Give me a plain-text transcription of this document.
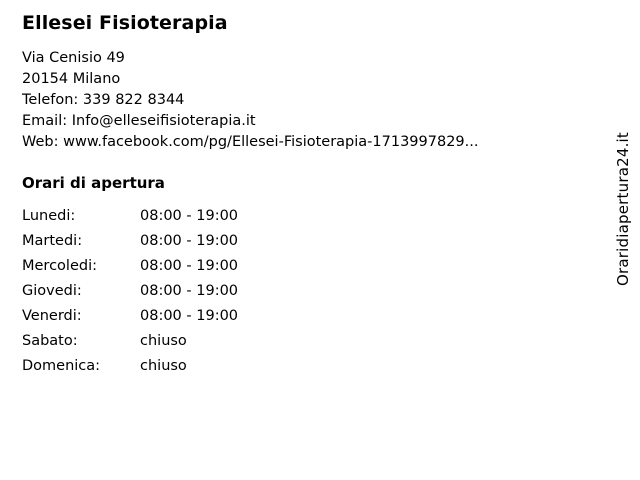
Ellesei Fisioterapia
Via Cenisio 49
20154 Milano
Telefon: 339 822 8344
Email: Info@elleseifisioterapia.it
Web: www.facebook.com/pg/Ellesei-Fisioterapia-1713997829...
Orari di apertura
Lunedi:	08:00 - 19:00
Martedi:	08:00 - 19:00
Mercoledi:	08:00 - 19:00
Giovedi:	08:00 - 19:00
Venerdi:	08:00 - 19:00
Sabato:	chiuso
Domenica:	chiuso
Oraridiapertura24.it
